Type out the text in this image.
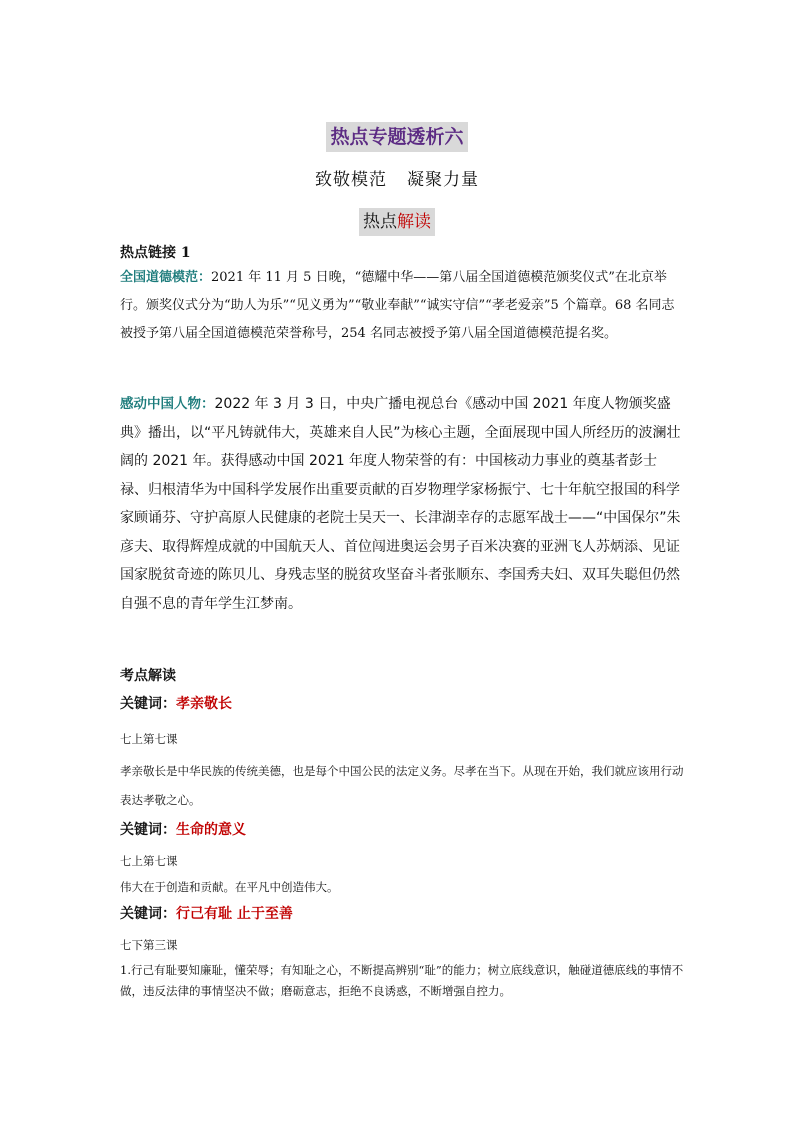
热点专题透析六
致敬模范 凝聚力量
热点解读
热点链接 1
全国道德模范：2021 年 11 月 5 日晚，“德耀中华——第八届全国道德模范颁奖仪式”在北京举行。颁奖仪式分为“助人为乐”“见义勇为”“敬业奉献”“诚实守信”“孝老爱亲”5 个篇章。68 名同志被授予第八届全国道德模范荣誉称号，254 名同志被授予第八届全国道德模范提名奖。
感动中国人物：2022 年 3 月 3 日，中央广播电视总台《感动中国 2021 年度人物颁奖盛典》播出，以“平凡铸就伟大，英雄来自人民”为核心主题，全面展现中国人所经历的波澜壮阔的 2021 年。获得感动中国 2021 年度人物荣誉的有：中国核动力事业的奠基者彭士禄、归根清华为中国科学发展作出重要贡献的百岁物理学家杨振宁、七十年航空报国的科学家顾诵芬、守护高原人民健康的老院士吴天一、长津湖幸存的志愿军战士——“中国保尔”朱彦夫、取得辉煌成就的中国航天人、首位闯进奥运会男子百米决赛的亚洲飞人苏炳添、见证国家脱贫奇迹的陈贝儿、身残志坚的脱贫攻坚奋斗者张顺东、李国秀夫妇、双耳失聪但仍然自强不息的青年学生江梦南。
考点解读
关键词：孝亲敬长
七上第七课
孝亲敬长是中华民族的传统美德，也是每个中国公民的法定义务。尽孝在当下。从现在开始，我们就应该用行动表达孝敬之心。
关键词：生命的意义
七上第七课
伟大在于创造和贡献。在平凡中创造伟大。
关键词：行己有耻 止于至善
七下第三课
1.行己有耻要知廉耻，懂荣辱；有知耻之心，不断提高辨别“耻”的能力；树立底线意识，触碰道德底线的事情不做，违反法律的事情坚决不做；磨砺意志，拒绝不良诱惑，不断增强自控力。
